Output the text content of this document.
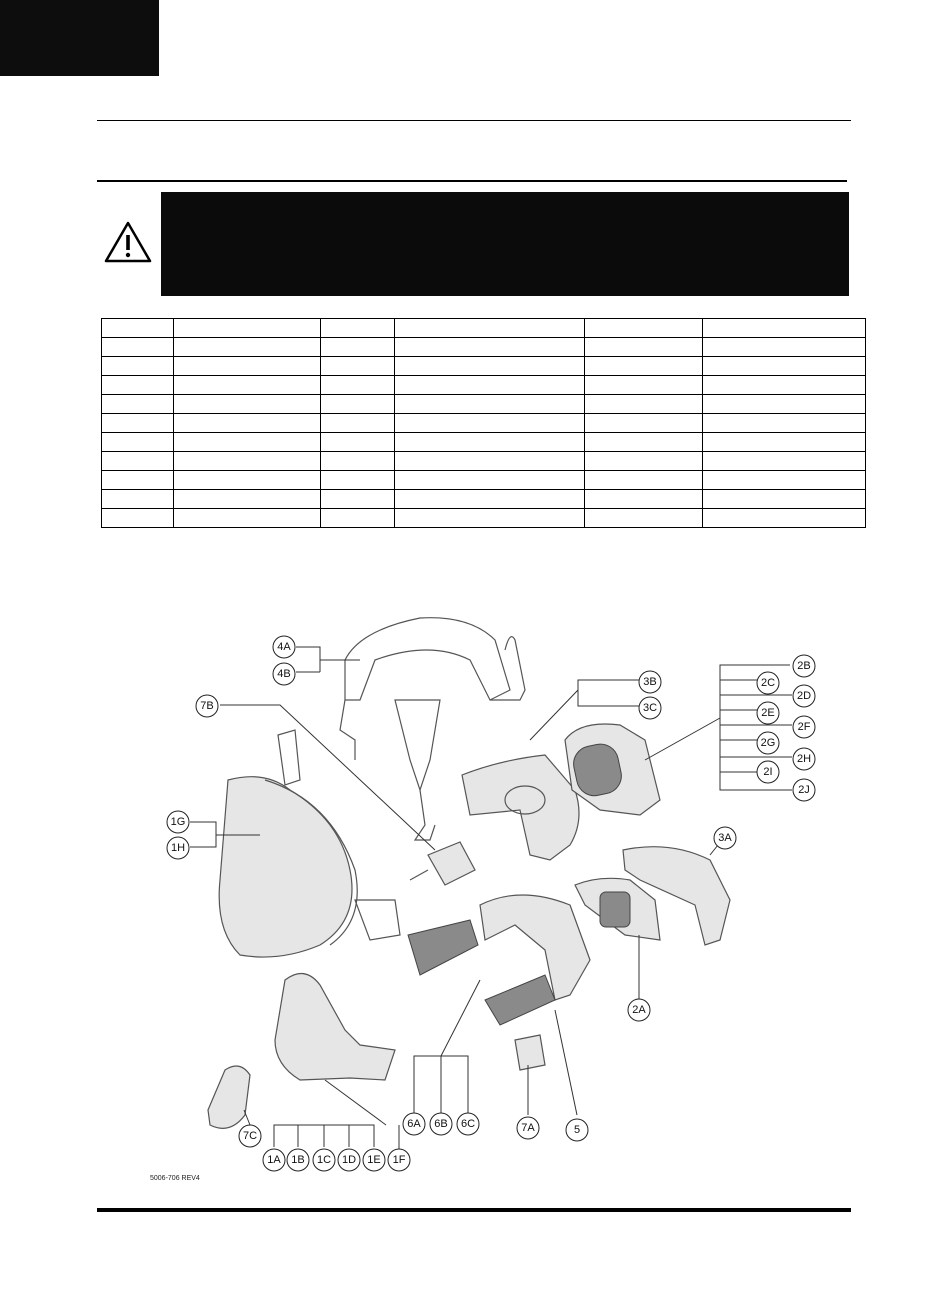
4A
4B
7B
3B
3C
2B
2C
2D
2E
2F
2G
2H
2I
2J
1G
1H
3A
2A
6A 6B 6C	7A	5
7C
1A 1B 1C 1D 1E 1F
5006-706 REV4
